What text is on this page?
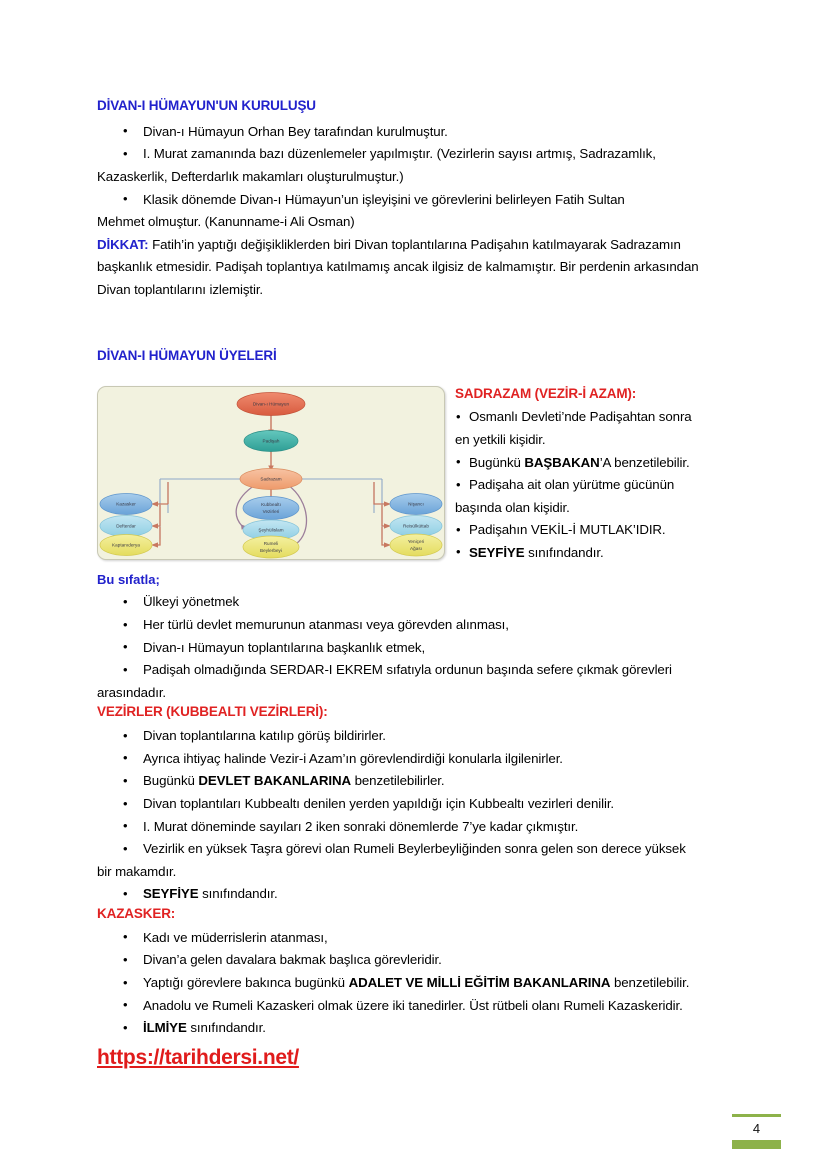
DİVAN-I HÜMAYUN'UN KURULUŞU
• Divan-ı Hümayun Orhan Bey tarafından kurulmuştur.
• I. Murat zamanında bazı düzenlemeler yapılmıştır. (Vezirlerin sayısı artmış, Sadrazamlık,
Kazaskerlik, Defterdarlık makamları oluşturulmuştur.)
• Klasik dönemde Divan-ı Hümayun’un işleyişini ve görevlerini belirleyen Fatih Sultan
Mehmet olmuştur. (Kanunname-i Ali Osman)

DİKKAT: Fatih’in yaptığı değişikliklerden biri Divan toplantılarına Padişahın katılmayarak Sadrazamın başkanlık etmesidir. Padişah toplantıya katılmamış ancak ilgisiz de kalmamıştır. Bir perdenin arkasından Divan toplantılarını izlemiştir.

DİVAN-I HÜMAYUN ÜYELERİ
Divan-ı Hümayun
Padişah
Sadrazam
Kazasker
Defterdar
Kaptanıderya
Kubbealtı
Vezirleri
Şeyhülislam
Rumeli
Beylerbeyi
Nişancı
Reisülküttab
Yeniçeri
Ağası
SADRAZAM (VEZİR-İ AZAM):
• Osmanlı Devleti’nde Padişahtan sonra
en yetkili kişidir.
• Bugünkü BAŞBAKAN’A benzetilebilir.
• Padişaha ait olan yürütme gücünün
başında olan kişidir.
• Padişahın VEKİL-İ MUTLAK’IDIR.
• SEYFİYE sınıfındandır.
Bu sıfatla;
• Ülkeyi yönetmek
• Her türlü devlet memurunun atanması veya görevden alınması,
• Divan-ı Hümayun toplantılarına başkanlık etmek,
• Padişah olmadığında SERDAR-I EKREM sıfatıyla ordunun başında sefere çıkmak görevleri
arasındadır.
VEZİRLER (KUBBEALTI VEZİRLERİ):
• Divan toplantılarına katılıp görüş bildirirler.
• Ayrıca ihtiyaç halinde Vezir-i Azam’ın görevlendirdiği konularla ilgilenirler.
• Bugünkü DEVLET BAKANLARINA benzetilebilirler.
• Divan toplantıları Kubbealtı denilen yerden yapıldığı için Kubbealtı vezirleri denilir.
• I. Murat döneminde sayıları 2 iken sonraki dönemlerde 7’ye kadar çıkmıştır.
• Vezirlik en yüksek Taşra görevi olan Rumeli Beylerbeyliğinden sonra gelen son derece yüksek
bir makamdır.
• SEYFİYE sınıfındandır.
KAZASKER:
• Kadı ve müderrislerin atanması,
• Divan’a gelen davalara bakmak başlıca görevleridir.
• Yaptığı görevlere bakınca bugünkü ADALET VE MİLLİ EĞİTİM BAKANLARINA benzetilebilir.
• Anadolu ve Rumeli Kazaskeri olmak üzere iki tanedirler. Üst rütbeli olanı Rumeli Kazaskeridir.
• İLMİYE sınıfındandır.
https://tarihdersi.net/
4
